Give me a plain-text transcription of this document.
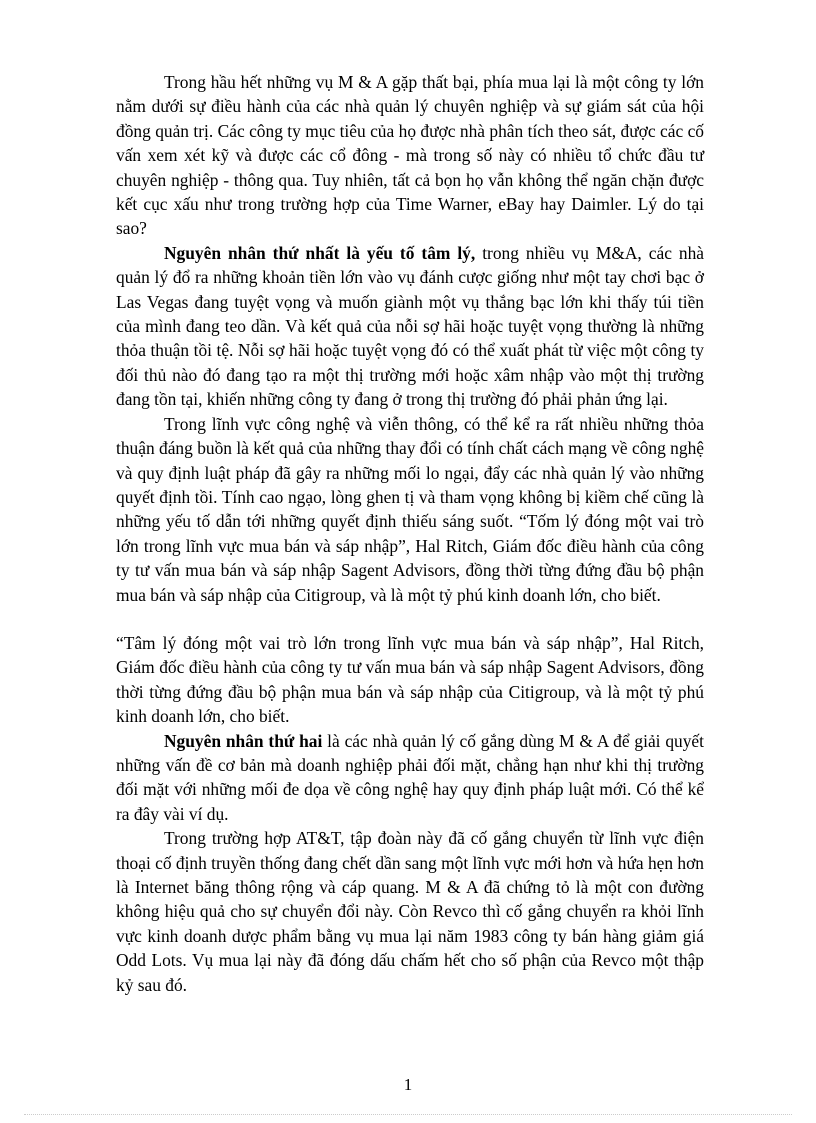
Trong hầu hết những vụ M & A gặp thất bại, phía mua lại là một công ty lớn nằm dưới sự điều hành của các nhà quản lý chuyên nghiệp và sự giám sát của hội đồng quản trị. Các công ty mục tiêu của họ được nhà phân tích theo sát, được các cố vấn xem xét kỹ và được các cổ đông - mà trong số này có nhiều tổ chức đầu tư chuyên nghiệp - thông qua. Tuy nhiên, tất cả bọn họ vẫn không thể ngăn chặn được kết cục xấu như trong trường hợp của Time Warner, eBay hay Daimler. Lý do tại sao?

Nguyên nhân thứ nhất là yếu tố tâm lý, trong nhiều vụ M&A, các nhà quản lý đổ ra những khoản tiền lớn vào vụ đánh cược giống như một tay chơi bạc ở Las Vegas đang tuyệt vọng và muốn giành một vụ thắng bạc lớn khi thấy túi tiền của mình đang teo dần. Và kết quả của nỗi sợ hãi hoặc tuyệt vọng thường là những thỏa thuận tồi tệ. Nỗi sợ hãi hoặc tuyệt vọng đó có thể xuất phát từ việc một công ty đối thủ nào đó đang tạo ra một thị trường mới hoặc xâm nhập vào một thị trường đang tồn tại, khiến những công ty đang ở trong thị trường đó phải phản ứng lại.

Trong lĩnh vực công nghệ và viễn thông, có thể kể ra rất nhiều những thỏa thuận đáng buồn là kết quả của những thay đổi có tính chất cách mạng về công nghệ và quy định luật pháp đã gây ra những mối lo ngại, đẩy các nhà quản lý vào những quyết định tồi. Tính cao ngạo, lòng ghen tị và tham vọng không bị kiềm chế cũng là những yếu tố dẫn tới những quyết định thiếu sáng suốt. “Tốm lý đóng một vai trò lớn trong lĩnh vực mua bán và sáp nhập”, Hal Ritch, Giám đốc điều hành của công ty tư vấn mua bán và sáp nhập Sagent Advisors, đồng thời từng đứng đầu bộ phận mua bán và sáp nhập của Citigroup, và là một tỷ phú kinh doanh lớn, cho biết.

“Tâm lý đóng một vai trò lớn trong lĩnh vực mua bán và sáp nhập”, Hal Ritch, Giám đốc điều hành của công ty tư vấn mua bán và sáp nhập Sagent Advisors, đồng thời từng đứng đầu bộ phận mua bán và sáp nhập của Citigroup, và là một tỷ phú kinh doanh lớn, cho biết.

Nguyên nhân thứ hai là các nhà quản lý cố gắng dùng M & A để giải quyết những vấn đề cơ bản mà doanh nghiệp phải đối mặt, chẳng hạn như khi thị trường đối mặt với những mối đe dọa về công nghệ hay quy định pháp luật mới. Có thể kể ra đây vài ví dụ.

Trong trường hợp AT&T, tập đoàn này đã cố gắng chuyển từ lĩnh vực điện thoại cố định truyền thống đang chết dần sang một lĩnh vực mới hơn và hứa hẹn hơn là Internet băng thông rộng và cáp quang. M & A đã chứng tỏ là một con đường không hiệu quả cho sự chuyển đổi này. Còn Revco thì cố gắng chuyển ra khỏi lĩnh vực kinh doanh dược phẩm bằng vụ mua lại năm 1983 công ty bán hàng giảm giá Odd Lots. Vụ mua lại này đã đóng dấu chấm hết cho số phận của Revco một thập kỷ sau đó.

1
